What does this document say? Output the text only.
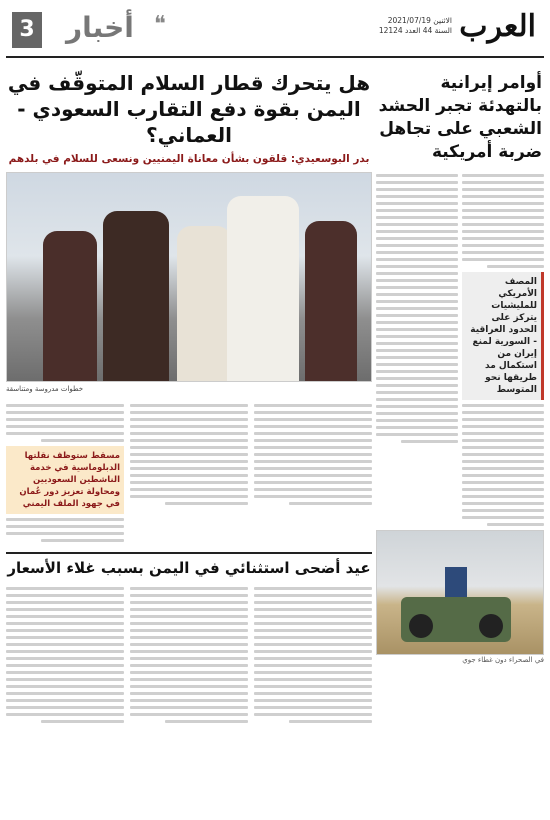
العرب
الاثنين 2021/07/19
السنة 44 العدد 12124
3 أخبار ❝
أوامر إيرانية بالتهدئة تجبر الحشد الشعبي على تجاهل ضربة أمريكية
المصف الأمريكي للمليشيات يتركز على الحدود العراقية - السورية لمنع إيران من استكمال مد طريقها نحو المتوسط
في الصحراء دون غطاء جوي
هل يتحرك قطار السلام المتوقّف في اليمن بقوة دفع التقارب السعودي - العماني؟
بدر البوسعيدي: قلقون بشأن معاناة اليمنيين ونسعى للسلام في بلدهم
خطوات مدروسة ومتناسقة
مسقط ستوظف نقلتها الدبلوماسية في خدمة الناشطين السعوديين ومحاولة تعزيز دور عُمان في جهود الملف اليمني
عيد أضحى استثنائي في اليمن بسبب غلاء الأسعار
